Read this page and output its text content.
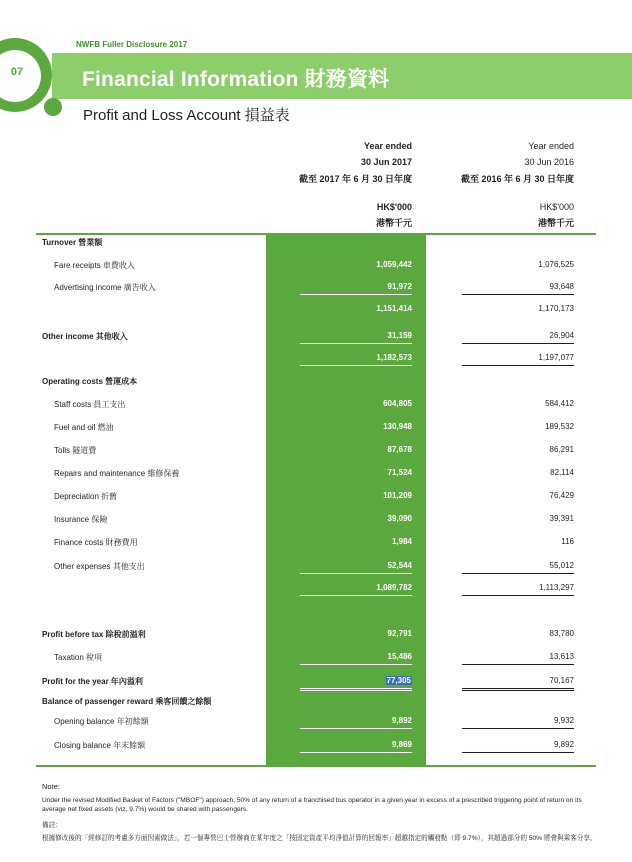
NWFB Fuller Disclosure 2017
07	Financial Information 財務資料
Profit and Loss Account 損益表
Year ended
30 Jun 2017
截至 2017 年 6 月 30 日年度
HK$'000
港幣千元
Year ended
30 Jun 2016
截至 2016 年 6 月 30 日年度
HK$'000
港幣千元
Turnover 營業額
Fare receipts 車費收入	1,059,442	1,076,525
Advertising income 廣告收入	91,972	93,648
1,151,414	1,170,173
Other income 其他收入	31,159	26,904
1,182,573	1,197,077
Operating costs 營運成本
Staff costs 員工支出	604,805	584,412
Fuel and oil 燃油	130,948	189,532
Tolls 隧道費	87,678	86,291
Repairs and maintenance 維修保養	71,524	82,114
Depreciation 折舊	101,209	76,429
Insurance 保險	39,090	39,391
Finance costs 財務費用	1,984	116
Other expenses 其他支出	52,544	55,012
1,089,782	1,113,297
Profit before tax 除稅前溢利	92,791	83,780
Taxation 稅項	15,486	13,613
Profit for the year 年內溢利	77,305	70,167
Balance of passenger reward 乘客回饋之餘額
Opening balance 年初餘額	9,892	9,932
Closing balance 年末餘額	9,869	9,892
Note:
Under the revised Modified Basket of Factors ("MBOF") approach, 50% of any return of a franchised bus operator in a given year in excess of a prescribed triggering point of return on its average net fixed assets (viz. 9.7%) would be shared with passengers.
備註：
根據修改後的「經修訂的考慮多方面因素做法」，若一個專營巴士營辦商在某年度之「按固定資產平均淨值計算的回報率」超越指定的觸發點（即 9.7%），其超過部分的 50% 將會與乘客分享。
